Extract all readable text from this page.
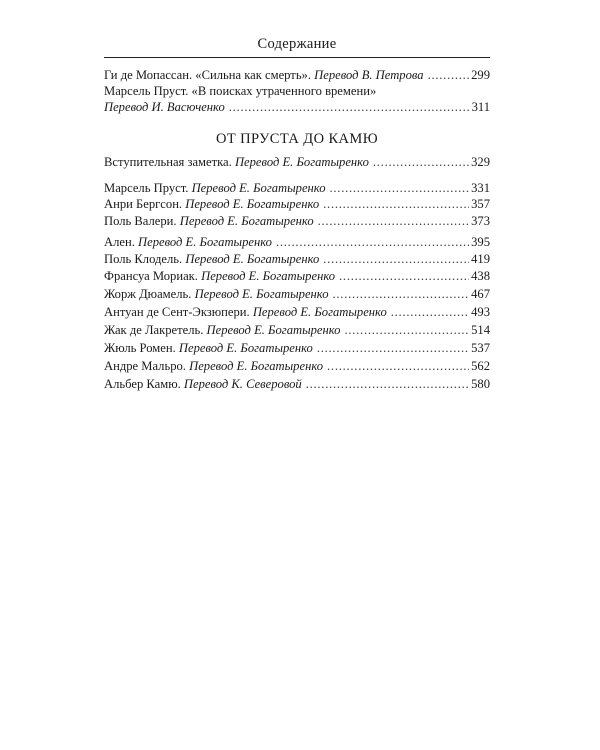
Содержание
Ги де Мопассан. «Сильна как смерть». Перевод В. Петрова . . .	299
Марсель Пруст. «В поисках утраченного времени»
Перевод И. Васюченко . . .	311
ОТ ПРУСТА ДО КАМЮ
Вступительная заметка. Перевод Е. Богатыренко . . .	329
Марсель Пруст. Перевод Е. Богатыренко . . .	331
Анри Бергсон. Перевод Е. Богатыренко . . .	357
Поль Валери. Перевод Е. Богатыренко . . .	373
Ален. Перевод Е. Богатыренко . . .	395
Поль Клодель. Перевод Е. Богатыренко . . .	419
Франсуа Мориак. Перевод Е. Богатыренко . . .	438
Жорж Дюамель. Перевод Е. Богатыренко . . .	467
Антуан де Сент-Экзюпери. Перевод Е. Богатыренко . . .	493
Жак де Лакретель. Перевод Е. Богатыренко . . .	514
Жюль Ромен. Перевод Е. Богатыренко . . .	537
Андре Мальро. Перевод Е. Богатыренко . . .	562
Альбер Камю. Перевод К. Северовой . . .	580
